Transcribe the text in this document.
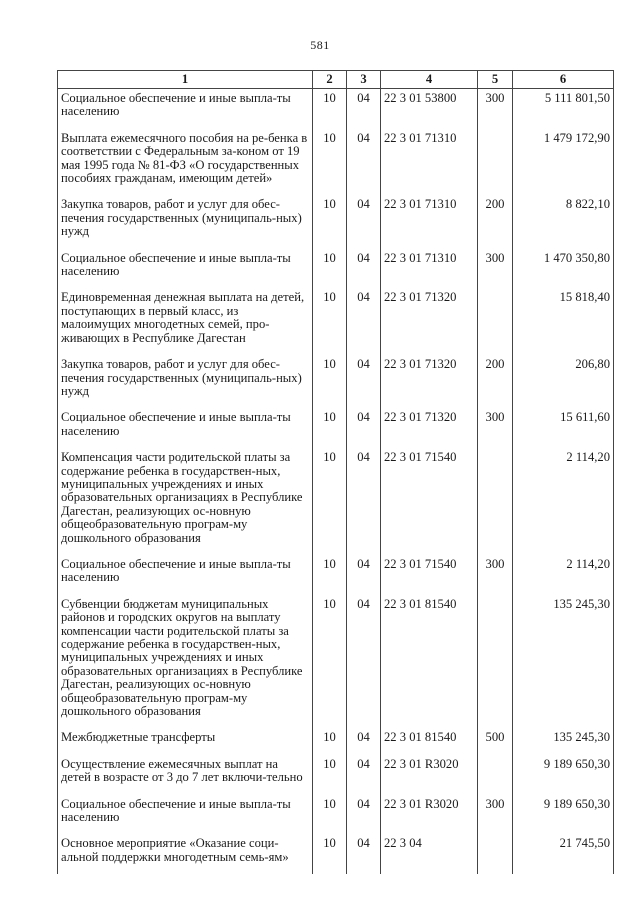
581
1	2	3	4	5	6
Социальное обеспечение и иные выпла-ты населению	10	04	22 3 01 53800	300	5 111 801,50
Выплата ежемесячного пособия на ре-бенка в соответствии с Федеральным за-коном от 19 мая 1995 года № 81-ФЗ «О государственных пособиях гражданам, имеющим детей»	10	04	22 3 01 71310		1 479 172,90
Закупка товаров, работ и услуг для обес-печения государственных (муниципаль-ных) нужд	10	04	22 3 01 71310	200	8 822,10
Социальное обеспечение и иные выпла-ты населению	10	04	22 3 01 71310	300	1 470 350,80
Единовременная денежная выплата на детей, поступающих в первый класс, из малоимущих многодетных семей, про-живающих в Республике Дагестан	10	04	22 3 01 71320		15 818,40
Закупка товаров, работ и услуг для обес-печения государственных (муниципаль-ных) нужд	10	04	22 3 01 71320	200	206,80
Социальное обеспечение и иные выпла-ты населению	10	04	22 3 01 71320	300	15 611,60
Компенсация части родительской платы за содержание ребенка в государствен-ных, муниципальных учреждениях и иных образовательных организациях в Республике Дагестан, реализующих ос-новную общеобразовательную програм-му дошкольного образования	10	04	22 3 01 71540		2 114,20
Социальное обеспечение и иные выпла-ты населению	10	04	22 3 01 71540	300	2 114,20
Субвенции бюджетам муниципальных районов и городских округов на выплату компенсации части родительской платы за содержание ребенка в государствен-ных, муниципальных учреждениях и иных образовательных организациях в Республике Дагестан, реализующих ос-новную общеобразовательную програм-му дошкольного образования	10	04	22 3 01 81540		135 245,30
Межбюджетные трансферты	10	04	22 3 01 81540	500	135 245,30
Осуществление ежемесячных выплат на детей в возрасте от 3 до 7 лет включи-тельно	10	04	22 3 01 R3020		9 189 650,30
Социальное обеспечение и иные выпла-ты населению	10	04	22 3 01 R3020	300	9 189 650,30
Основное мероприятие «Оказание соци-альной поддержки многодетным семь-ям»	10	04	22 3 04		21 745,50
